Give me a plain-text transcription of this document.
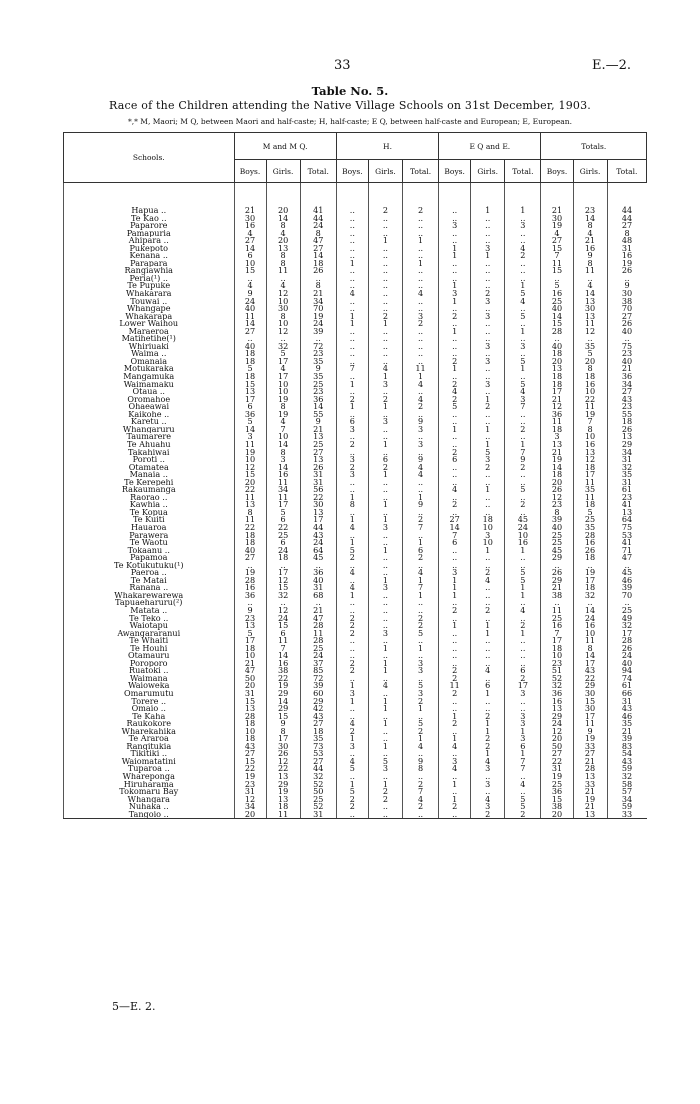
33	E.—2.
Table No. 5.
Race of the Children attending the Native Village Schools on 31st December, 1903.
*,* M, Maori; M Q, between Maori and half-caste; H, half-caste; E Q, between half-caste and European; E, European.
Schools.	M and M Q.			H.			E Q and E.			Totals.		
	Boys.	Girls.	Total.	Boys.	Girls.	Total.	Boys.	Girls.	Total.	Boys.	Girls.	Total.
Hapua ..	21	20	41	..	2	2	..	1	1	21	23	44
Te Kao ..	30	14	44	..	..	..	..	..	..	30	14	44
Paparore	16	8	24	..	..	..	3	..	3	19	8	27
Pamapuria	4	4	8	..	..	..	..	..	..	4	4	8
Ahipara ..	27	20	47	..	1	1	..	..	..	27	21	48
Pukepoto	14	13	27	..	..	..	1	3	4	15	16	31
Kenana ..	6	8	14	..	..	..	1	1	2	7	9	16
Parapara	10	8	18	1	..	1	..	..	..	11	8	19
Rangiawhia	15	11	26	..	..	..	..	..	..	15	11	26
Peria(¹) ..	..	..	..	..	..	..	..	..	..	..	..	..
Te Pupuke	4	4	8	..	..	..	1	..	1	5	4	9
Whakarara	9	12	21	4	..	4	3	2	5	16	14	30
Touwai ..	24	10	34	..	..	..	1	3	4	25	13	38
Whangape	40	30	70	..	..	..	..	..	..	40	30	70
Whakarapa	11	8	19	1	2	3	2	3	5	14	13	27
Lower Waihou	14	10	24	1	1	2	..	..	..	15	11	26
Maraeroa	27	12	39	..	..	..	1	..	1	28	12	40
Matihetihe(¹)	..	..	..	..	..	..	..	..	..	..	..	..
Whiriuaki	40	32	72	..	..	..	..	3	3	40	35	75
Waima ..	18	5	23	..	..	..	..	..	..	18	5	23
Omanaia	18	17	35	..	..	..	2	3	5	20	20	40
Motukaraka	5	4	9	7	4	11	1	..	1	13	8	21
Mangamuka	18	17	35	..	1	1	..	..	..	18	18	36
Waimamaku	15	10	25	1	3	4	2	3	5	18	16	34
Otaua ..	13	10	23	..	..	..	4	..	4	17	10	27
Oromahoe	17	19	36	2	2	4	2	1	3	21	22	43
Ohaeawai	6	8	14	1	1	2	5	2	7	12	11	23
Kaikohe ..	36	19	55	..	..	..	..	..	..	36	19	55
Karetu ..	5	4	9	6	3	9	..	..	..	11	7	18
Whangaruru	14	7	21	3	..	3	1	1	2	18	8	26
Taumarere	3	10	13	..	..	..	..	..	..	3	10	13
Te Ahuahu	11	14	25	2	1	3	..	1	1	13	16	29
Takahiwai	19	8	27	..	..	..	2	5	7	21	13	34
Poroti ..	10	3	13	3	6	9	6	3	9	19	12	31
Otamatea	12	14	26	2	2	4	..	2	2	14	18	32
Manaia ..	15	16	31	3	1	4	..	..	..	18	17	35
Te Kerepehi	20	11	31	..	..	..	..	..	..	20	11	31
Rakaumanga	22	34	56	..	..	..	4	1	5	26	35	61
Raorao ..	11	11	22	1	..	1	..	..	..	12	11	23
Kawhia ..	13	17	30	8	1	9	2	..	2	23	18	41
Te Kopua	8	5	13	..	..	..	..	..	..	8	5	13
Te Kuiti	11	6	17	1	1	2	27	18	45	39	25	64
Hauaroa	22	22	44	4	3	7	14	10	24	40	35	75
Parawera	18	25	43	..	..	..	7	3	10	25	28	53
Te Waotu	18	6	24	1	..	1	6	10	16	25	16	41
Tokaanu ..	40	24	64	5	1	6	..	1	1	45	26	71
Papamoa	27	18	45	2	..	2	..	..	..	29	18	47
Te Kotukutuku(¹)	..	..	..	..	..	..	..	..	..	..	..	..
Paeroa ..	19	17	36	4	..	4	3	2	5	26	19	45
Te Matai	28	12	40	..	1	1	1	4	5	29	17	46
Ranana ..	16	15	31	4	3	7	1	..	1	21	18	39
Whakarewarewa	36	32	68	1	..	1	1	..	1	38	32	70
Tapuaeharuru(²)	..	..	..	..	..	..	..	..	..	..	..	..
Matata ..	9	12	21	..	..	..	2	2	4	11	14	25
Te Teko ..	23	24	47	2	..	2	..	..	..	25	24	49
Waiotapu	13	15	28	2	..	2	1	1	2	16	16	32
Awangararanui	5	6	11	2	3	5	..	1	1	7	10	17
Te Whaiti	17	11	28	..	..	..	..	..	..	17	11	28
Te Houhi	18	7	25	..	1	1	..	..	..	18	8	26
Otamauru	10	14	24	..	..	..	..	..	..	10	14	24
Poroporo	21	16	37	2	1	3	..	..	..	23	17	40
Ruatoki ..	47	38	85	2	1	3	2	4	6	51	43	94
Waimana	50	22	72	..	..	..	2	..	2	52	22	74
Waioweka	20	19	39	1	4	5	11	6	17	32	29	61
Omarumutu	31	29	60	3	..	3	2	1	3	36	30	66
Torere ..	15	14	29	1	1	2	..	..	..	16	15	31
Omaio ..	13	29	42	..	1	1	..	..	..	13	30	43
Te Kaha	28	15	43	..	..	..	1	2	3	29	17	46
Raukokore	18	9	27	4	1	5	2	1	3	24	11	35
Wharekahika	10	8	18	2	..	2	..	1	1	12	9	21
Te Araroa	18	17	35	1	..	1	1	2	3	20	19	39
Rangitukia	43	30	73	3	1	4	4	2	6	50	33	83
Tikitiki ..	27	26	53	..	..	..	..	1	1	27	27	54
Waiomatatini	15	12	27	4	5	9	3	4	7	22	21	43
Tuparoa ..	22	22	44	5	3	8	4	3	7	31	28	59
Whareponga	19	13	32	..	..	..	..	..	..	19	13	32
Hiruharama	23	29	52	1	1	2	1	3	4	25	33	58
Tokomaru Bay	31	19	50	5	2	7	..	..	..	36	21	57
Whangara	12	13	25	2	2	4	1	4	5	15	19	34
Nuhaka ..	34	18	52	2	..	2	2	3	5	38	21	59
Tangoio ..	20	11	31	..	..	..	..	2	2	20	13	33
5—E. 2.
